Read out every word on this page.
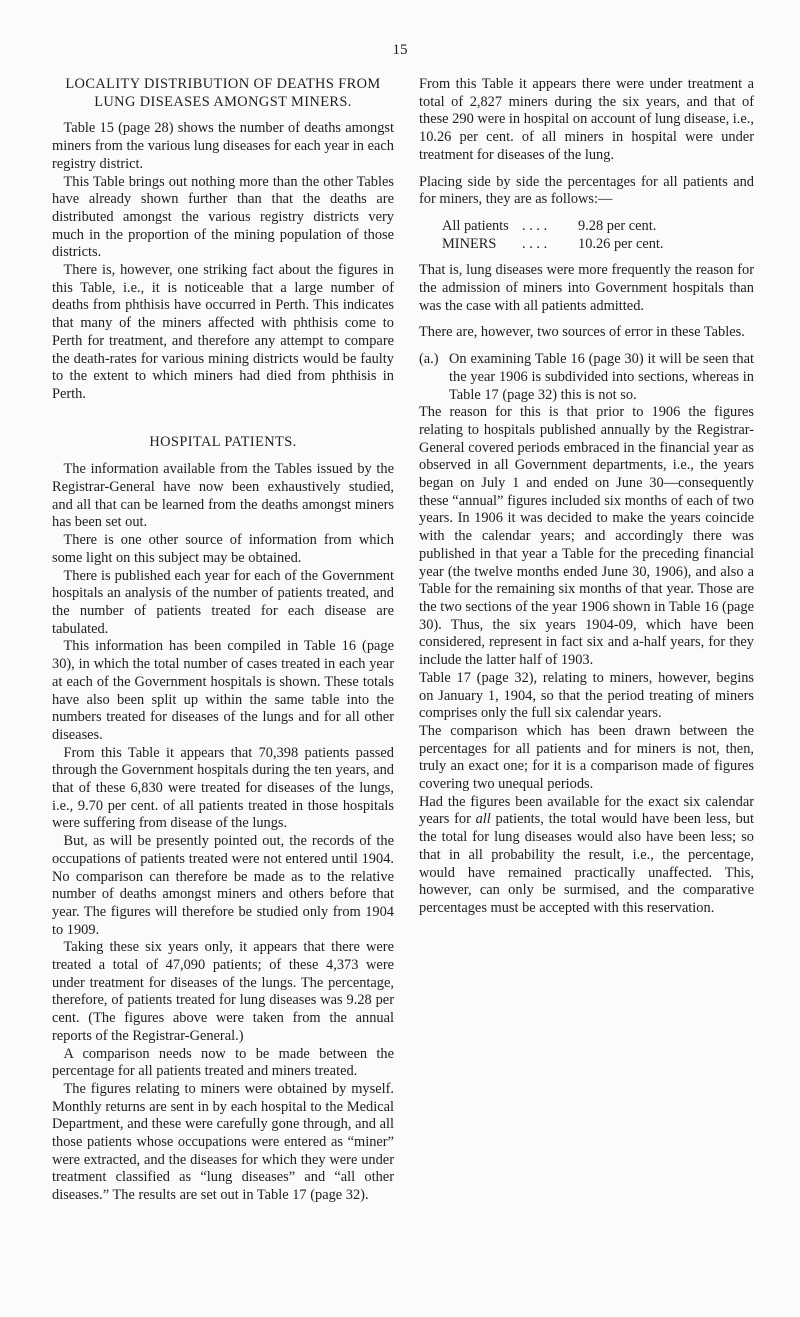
15

LOCALITY DISTRIBUTION OF DEATHS FROM
LUNG DISEASES AMONGST MINERS.

Table 15 (page 28) shows the number of deaths amongst miners from the various lung diseases for each year in each registry district.

This Table brings out nothing more than the other Tables have already shown further than that the deaths are distributed amongst the various registry districts very much in the proportion of the mining population of those districts.

There is, however, one striking fact about the figures in this Table, i.e., it is noticeable that a large number of deaths from phthisis have occurred in Perth. This indicates that many of the miners affected with phthisis come to Perth for treatment, and therefore any attempt to compare the death-rates for various mining districts would be faulty to the extent to which miners had died from phthisis in Perth.

HOSPITAL PATIENTS.

The information available from the Tables issued by the Registrar-General have now been exhaustively studied, and all that can be learned from the deaths amongst miners has been set out.

There is one other source of information from which some light on this subject may be obtained.

There is published each year for each of the Government hospitals an analysis of the number of patients treated, and the number of patients treated for each disease are tabulated.

This information has been compiled in Table 16 (page 30), in which the total number of cases treated in each year at each of the Government hospitals is shown. These totals have also been split up within the same table into the numbers treated for diseases of the lungs and for all other diseases.

From this Table it appears that 70,398 patients passed through the Government hospitals during the ten years, and that of these 6,830 were treated for diseases of the lungs, i.e., 9.70 per cent. of all patients treated in those hospitals were suffering from disease of the lungs.

But, as will be presently pointed out, the records of the occupations of patients treated were not entered until 1904. No comparison can therefore be made as to the relative number of deaths amongst miners and others before that year. The figures will therefore be studied only from 1904 to 1909.

Taking these six years only, it appears that there were treated a total of 47,090 patients; of these 4,373 were under treatment for diseases of the lungs. The percentage, therefore, of patients treated for lung diseases was 9.28 per cent. (The figures above were taken from the annual reports of the Registrar-General.)

A comparison needs now to be made between the percentage for all patients treated and miners treated.

The figures relating to miners were obtained by myself. Monthly returns are sent in by each hospital to the Medical Department, and these were carefully gone through, and all those patients whose occupations were entered as “miner” were extracted, and the diseases for which they were under treatment classified as “lung diseases” and “all other diseases.” The results are set out in Table 17 (page 32).

From this Table it appears there were under treatment a total of 2,827 miners during the six years, and that of these 290 were in hospital on account of lung disease, i.e., 10.26 per cent. of all miners in hospital were under treatment for diseases of the lung.

Placing side by side the percentages for all patients and for miners, they are as follows:—

All patients . . . .	9.28 per cent.
MINERS	. . . .	10.26 per cent.

That is, lung diseases were more frequently the reason for the admission of miners into Government hospitals than was the case with all patients admitted.

There are, however, two sources of error in these Tables.

(a.) On examining Table 16 (page 30) it will be seen that the year 1906 is subdivided into sections, whereas in Table 17 (page 32) this is not so.

The reason for this is that prior to 1906 the figures relating to hospitals published annually by the Registrar-General covered periods embraced in the financial year as observed in all Government departments, i.e., the years began on July 1 and ended on June 30—consequently these “annual” figures included six months of each of two years. In 1906 it was decided to make the years coincide with the calendar years; and accordingly there was published in that year a Table for the preceding financial year (the twelve months ended June 30, 1906), and also a Table for the remaining six months of that year. Those are the two sections of the year 1906 shown in Table 16 (page 30). Thus, the six years 1904-09, which have been considered, represent in fact six and a-half years, for they include the latter half of 1903.

Table 17 (page 32), relating to miners, however, begins on January 1, 1904, so that the period treating of miners comprises only the full six calendar years.

The comparison which has been drawn between the percentages for all patients and for miners is not, then, truly an exact one; for it is a comparison made of figures covering two unequal periods.

Had the figures been available for the exact six calendar years for all patients, the total would have been less, but the total for lung diseases would also have been less; so that in all probability the result, i.e., the percentage, would have remained practically unaffected. This, however, can only be surmised, and the comparative percentages must be accepted with this reservation.
